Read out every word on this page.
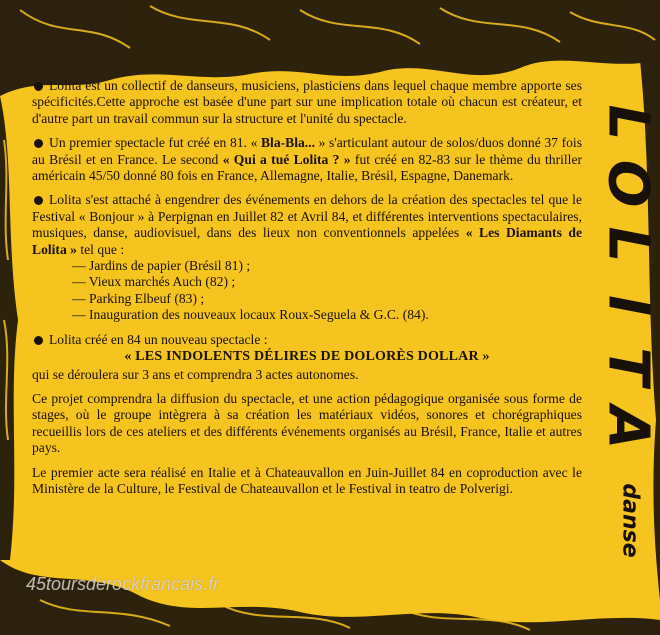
L
O
L
I
T
A
danse

Lolita est un collectif de danseurs, musiciens, plasticiens dans lequel chaque membre apporte ses spécificités.Cette approche est basée d'une part sur une implication totale où chacun est créateur, et d'autre part un travail commun sur la structure et l'unité du spectacle.

Un premier spectacle fut créé en 81. « Bla-Bla... » s'articulant autour de solos/duos donné 37 fois au Brésil et en France. Le second « Qui a tué Lolita ? » fut créé en 82-83 sur le thème du thriller américain 45/50 donné 80 fois en France, Allemagne, Italie, Brésil, Espagne, Danemark.

Lolita s'est attaché à engendrer des événements en dehors de la création des spectacles tel que le Festival « Bonjour » à Perpignan en Juillet 82 et Avril 84, et différentes interventions spectaculaires, musiques, danse, audiovisuel, dans des lieux non conventionnels appelées « Les Diamants de Lolita » tel que :

— Jardins de papier (Brésil 81) ;
— Vieux marchés Auch (82) ;
— Parking Elbeuf (83) ;
— Inauguration des nouveaux locaux Roux-Seguela & G.C. (84).

Lolita créé en 84 un nouveau spectacle :

« LES INDOLENTS DÉLIRES DE DOLORÈS DOLLAR »

qui se déroulera sur 3 ans et comprendra 3 actes autonomes.

Ce projet comprendra la diffusion du spectacle, et une action pédagogique organisée sous forme de stages, où le groupe intègrera à sa création les matériaux vidéos, sonores et chorégraphiques recueillis lors de ces ateliers et des différents événements organisés au Brésil, France, Italie et autres pays.

Le premier acte sera réalisé en Italie et à Chateauvallon en Juin-Juillet 84 en coproduction avec le Ministère de la Culture, le Festival de Chateauvallon et le Festival in teatro de Polverigi.

45toursderockfrancais.fr
